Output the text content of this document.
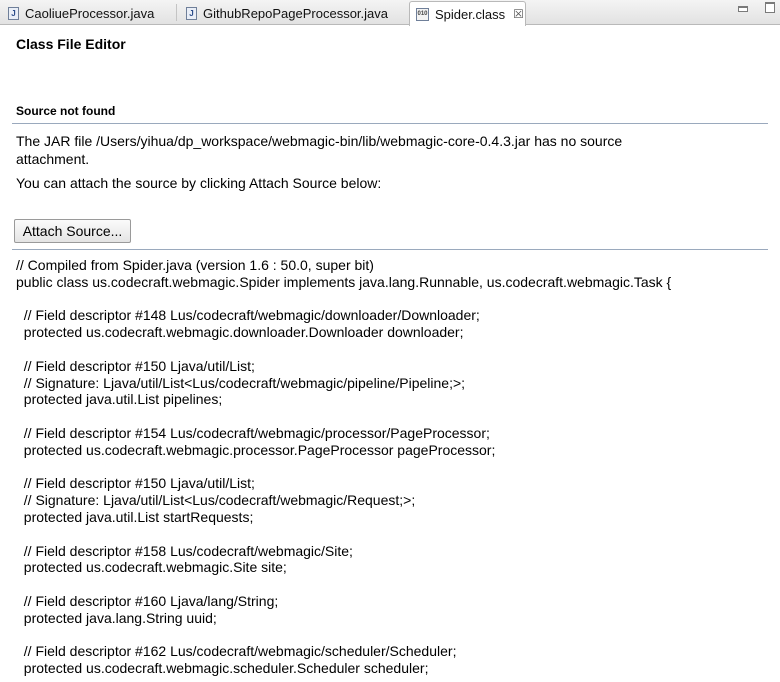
J CaoliueProcessor.java	J GithubRepoPageProcessor.java	010 Spider.class ☒
Class File Editor
Source not found
The JAR file /Users/yihua/dp_workspace/webmagic-bin/lib/webmagic-core-0.4.3.jar has no source
attachment.
You can attach the source by clicking Attach Source below:
Attach Source...
// Compiled from Spider.java (version 1.6 : 50.0, super bit)
public class us.codecraft.webmagic.Spider implements java.lang.Runnable, us.codecraft.webmagic.Task {
// Field descriptor #148 Lus/codecraft/webmagic/downloader/Downloader;
protected us.codecraft.webmagic.downloader.Downloader downloader;
// Field descriptor #150 Ljava/util/List;
// Signature: Ljava/util/List<Lus/codecraft/webmagic/pipeline/Pipeline;>;
protected java.util.List pipelines;
// Field descriptor #154 Lus/codecraft/webmagic/processor/PageProcessor;
protected us.codecraft.webmagic.processor.PageProcessor pageProcessor;
// Field descriptor #150 Ljava/util/List;
// Signature: Ljava/util/List<Lus/codecraft/webmagic/Request;>;
protected java.util.List startRequests;
// Field descriptor #158 Lus/codecraft/webmagic/Site;
protected us.codecraft.webmagic.Site site;
// Field descriptor #160 Ljava/lang/String;
protected java.lang.String uuid;
// Field descriptor #162 Lus/codecraft/webmagic/scheduler/Scheduler;
protected us.codecraft.webmagic.scheduler.Scheduler scheduler;
